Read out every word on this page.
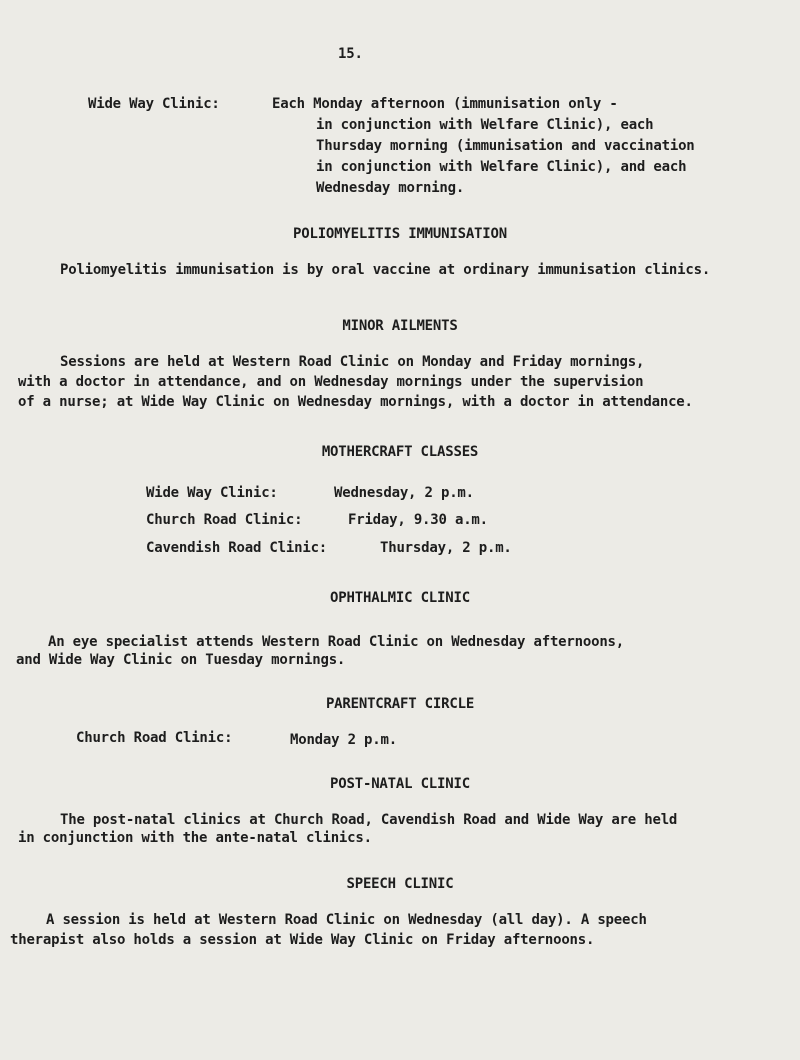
15.
Wide Way Clinic:	Each Monday afternoon (immunisation only -
in conjunction with Welfare Clinic), each
Thursday morning (immunisation and vaccination
in conjunction with Welfare Clinic), and each
Wednesday morning.
POLIOMYELITIS IMMUNISATION
Poliomyelitis immunisation is by oral vaccine at ordinary immunisation clinics.
MINOR AILMENTS
Sessions are held at Western Road Clinic on Monday and Friday mornings,
with a doctor in attendance, and on Wednesday mornings under the supervision
of a nurse; at Wide Way Clinic on Wednesday mornings, with a doctor in attendance.
MOTHERCRAFT CLASSES
Wide Way Clinic:	Wednesday, 2 p.m.
Church Road Clinic:	Friday, 9.30 a.m.
Cavendish Road Clinic:	Thursday, 2 p.m.
OPHTHALMIC CLINIC
An eye specialist attends Western Road Clinic on Wednesday afternoons,
and Wide Way Clinic on Tuesday mornings.
PARENTCRAFT CIRCLE
Church Road Clinic:	Monday 2 p.m.
POST-NATAL CLINIC
The post-natal clinics at Church Road, Cavendish Road and Wide Way are held
in conjunction with the ante-natal clinics.
SPEECH CLINIC
A session is held at Western Road Clinic on Wednesday (all day). A speech
therapist also holds a session at Wide Way Clinic on Friday afternoons.
